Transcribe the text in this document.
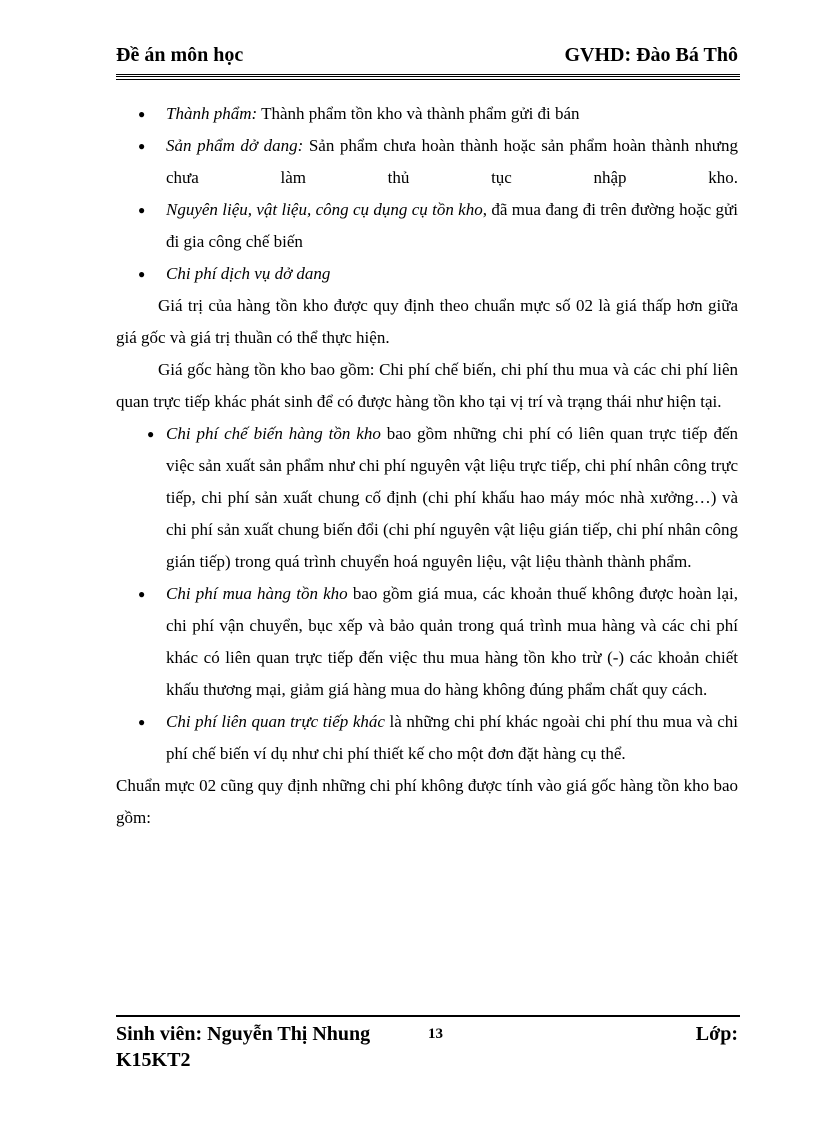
Đề án môn học	GVHD: Đào Bá Thô
● Thành phẩm: Thành phẩm tồn kho và thành phẩm gửi đi bán
● Sản phẩm dở dang: Sản phẩm chưa hoàn thành hoặc sản phẩm hoàn thành nhưng chưa làm thủ tục nhập kho.
● Nguyên liệu, vật liệu, công cụ dụng cụ tồn kho, đã mua đang đi trên đường hoặc gửi đi gia công chế biến
● Chi phí dịch vụ dở dang
Giá trị của hàng tồn kho được quy định theo chuẩn mực số 02 là giá thấp hơn giữa giá gốc và giá trị thuần có thể thực hiện.
Giá gốc hàng tồn kho bao gồm: Chi phí chế biến, chi phí thu mua và các chi phí liên quan trực tiếp khác phát sinh để có được hàng tồn kho tại vị trí và trạng thái như hiện tại.
● Chi phí chế biến hàng tồn kho bao gồm những chi phí có liên quan trực tiếp đến việc sản xuất sản phẩm như chi phí nguyên vật liệu trực tiếp, chi phí nhân công trực tiếp, chi phí sản xuất chung cố định (chi phí khấu hao máy móc nhà xưởng…) và chi phí sản xuất chung biến đổi (chi phí nguyên vật liệu gián tiếp, chi phí nhân công gián tiếp) trong quá trình chuyển hoá nguyên liệu, vật liệu thành thành phẩm.
● Chi phí mua hàng tồn kho bao gồm giá mua, các khoản thuế không được hoàn lại, chi phí vận chuyển, bục xếp và bảo quản trong quá trình mua hàng và các chi phí khác có liên quan trực tiếp đến việc thu mua hàng tồn kho trừ (-) các khoản chiết khấu thương mại, giảm giá hàng mua do hàng không đúng phẩm chất quy cách.
● Chi phí liên quan trực tiếp khác là những chi phí khác ngoài chi phí thu mua và chi phí chế biến ví dụ như chi phí thiết kế cho một đơn đặt hàng cụ thể.
Chuẩn mực 02 cũng quy định những chi phí không được tính vào giá gốc hàng tồn kho bao gồm:
Sinh viên: Nguyễn Thị Nhung	13	Lớp:
K15KT2
